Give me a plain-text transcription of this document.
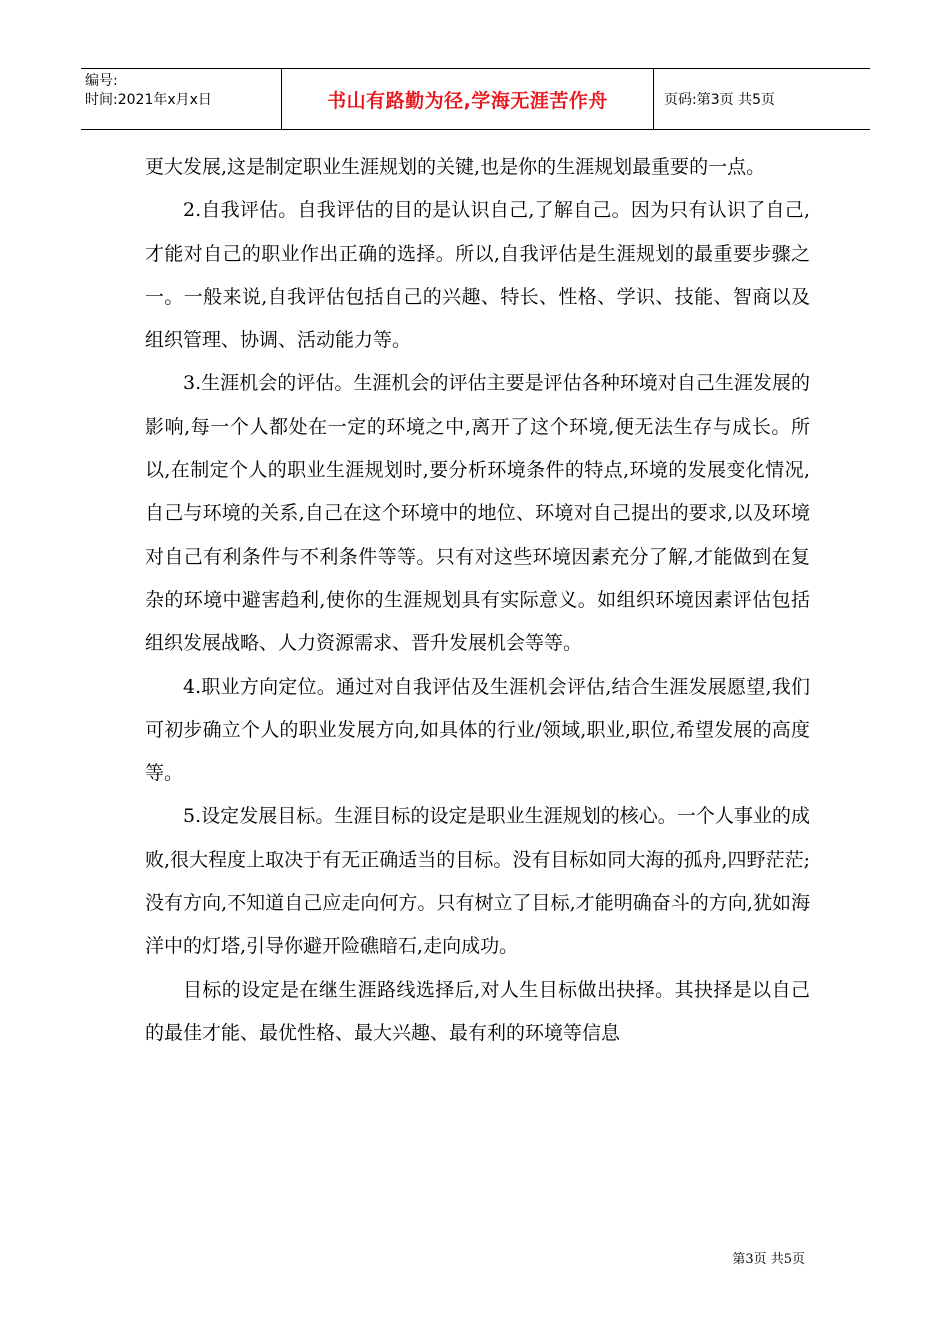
编号:
时间:2021年x月x日	书山有路勤为径,学海无涯苦作舟	页码:第3页 共5页

更大发展,这是制定职业生涯规划的关键,也是你的生涯规划最重要的一点。

2.自我评估。自我评估的目的是认识自己,了解自己。因为只有认识了自己,才能对自己的职业作出正确的选择。所以,自我评估是生涯规划的最重要步骤之一。一般来说,自我评估包括自己的兴趣、特长、性格、学识、技能、智商以及组织管理、协调、活动能力等。

3.生涯机会的评估。生涯机会的评估主要是评估各种环境对自己生涯发展的影响,每一个人都处在一定的环境之中,离开了这个环境,便无法生存与成长。所以,在制定个人的职业生涯规划时,要分析环境条件的特点,环境的发展变化情况,自己与环境的关系,自己在这个环境中的地位、环境对自己提出的要求,以及环境对自己有利条件与不利条件等等。只有对这些环境因素充分了解,才能做到在复杂的环境中避害趋利,使你的生涯规划具有实际意义。如组织环境因素评估包括组织发展战略、人力资源需求、晋升发展机会等等。

4.职业方向定位。通过对自我评估及生涯机会评估,结合生涯发展愿望,我们可初步确立个人的职业发展方向,如具体的行业/领域,职业,职位,希望发展的高度等。

5.设定发展目标。生涯目标的设定是职业生涯规划的核心。一个人事业的成败,很大程度上取决于有无正确适当的目标。没有目标如同大海的孤舟,四野茫茫;没有方向,不知道自己应走向何方。只有树立了目标,才能明确奋斗的方向,犹如海洋中的灯塔,引导你避开险礁暗石,走向成功。

目标的设定是在继生涯路线选择后,对人生目标做出抉择。其抉择是以自己的最佳才能、最优性格、最大兴趣、最有利的环境等信息

第3页 共5页
